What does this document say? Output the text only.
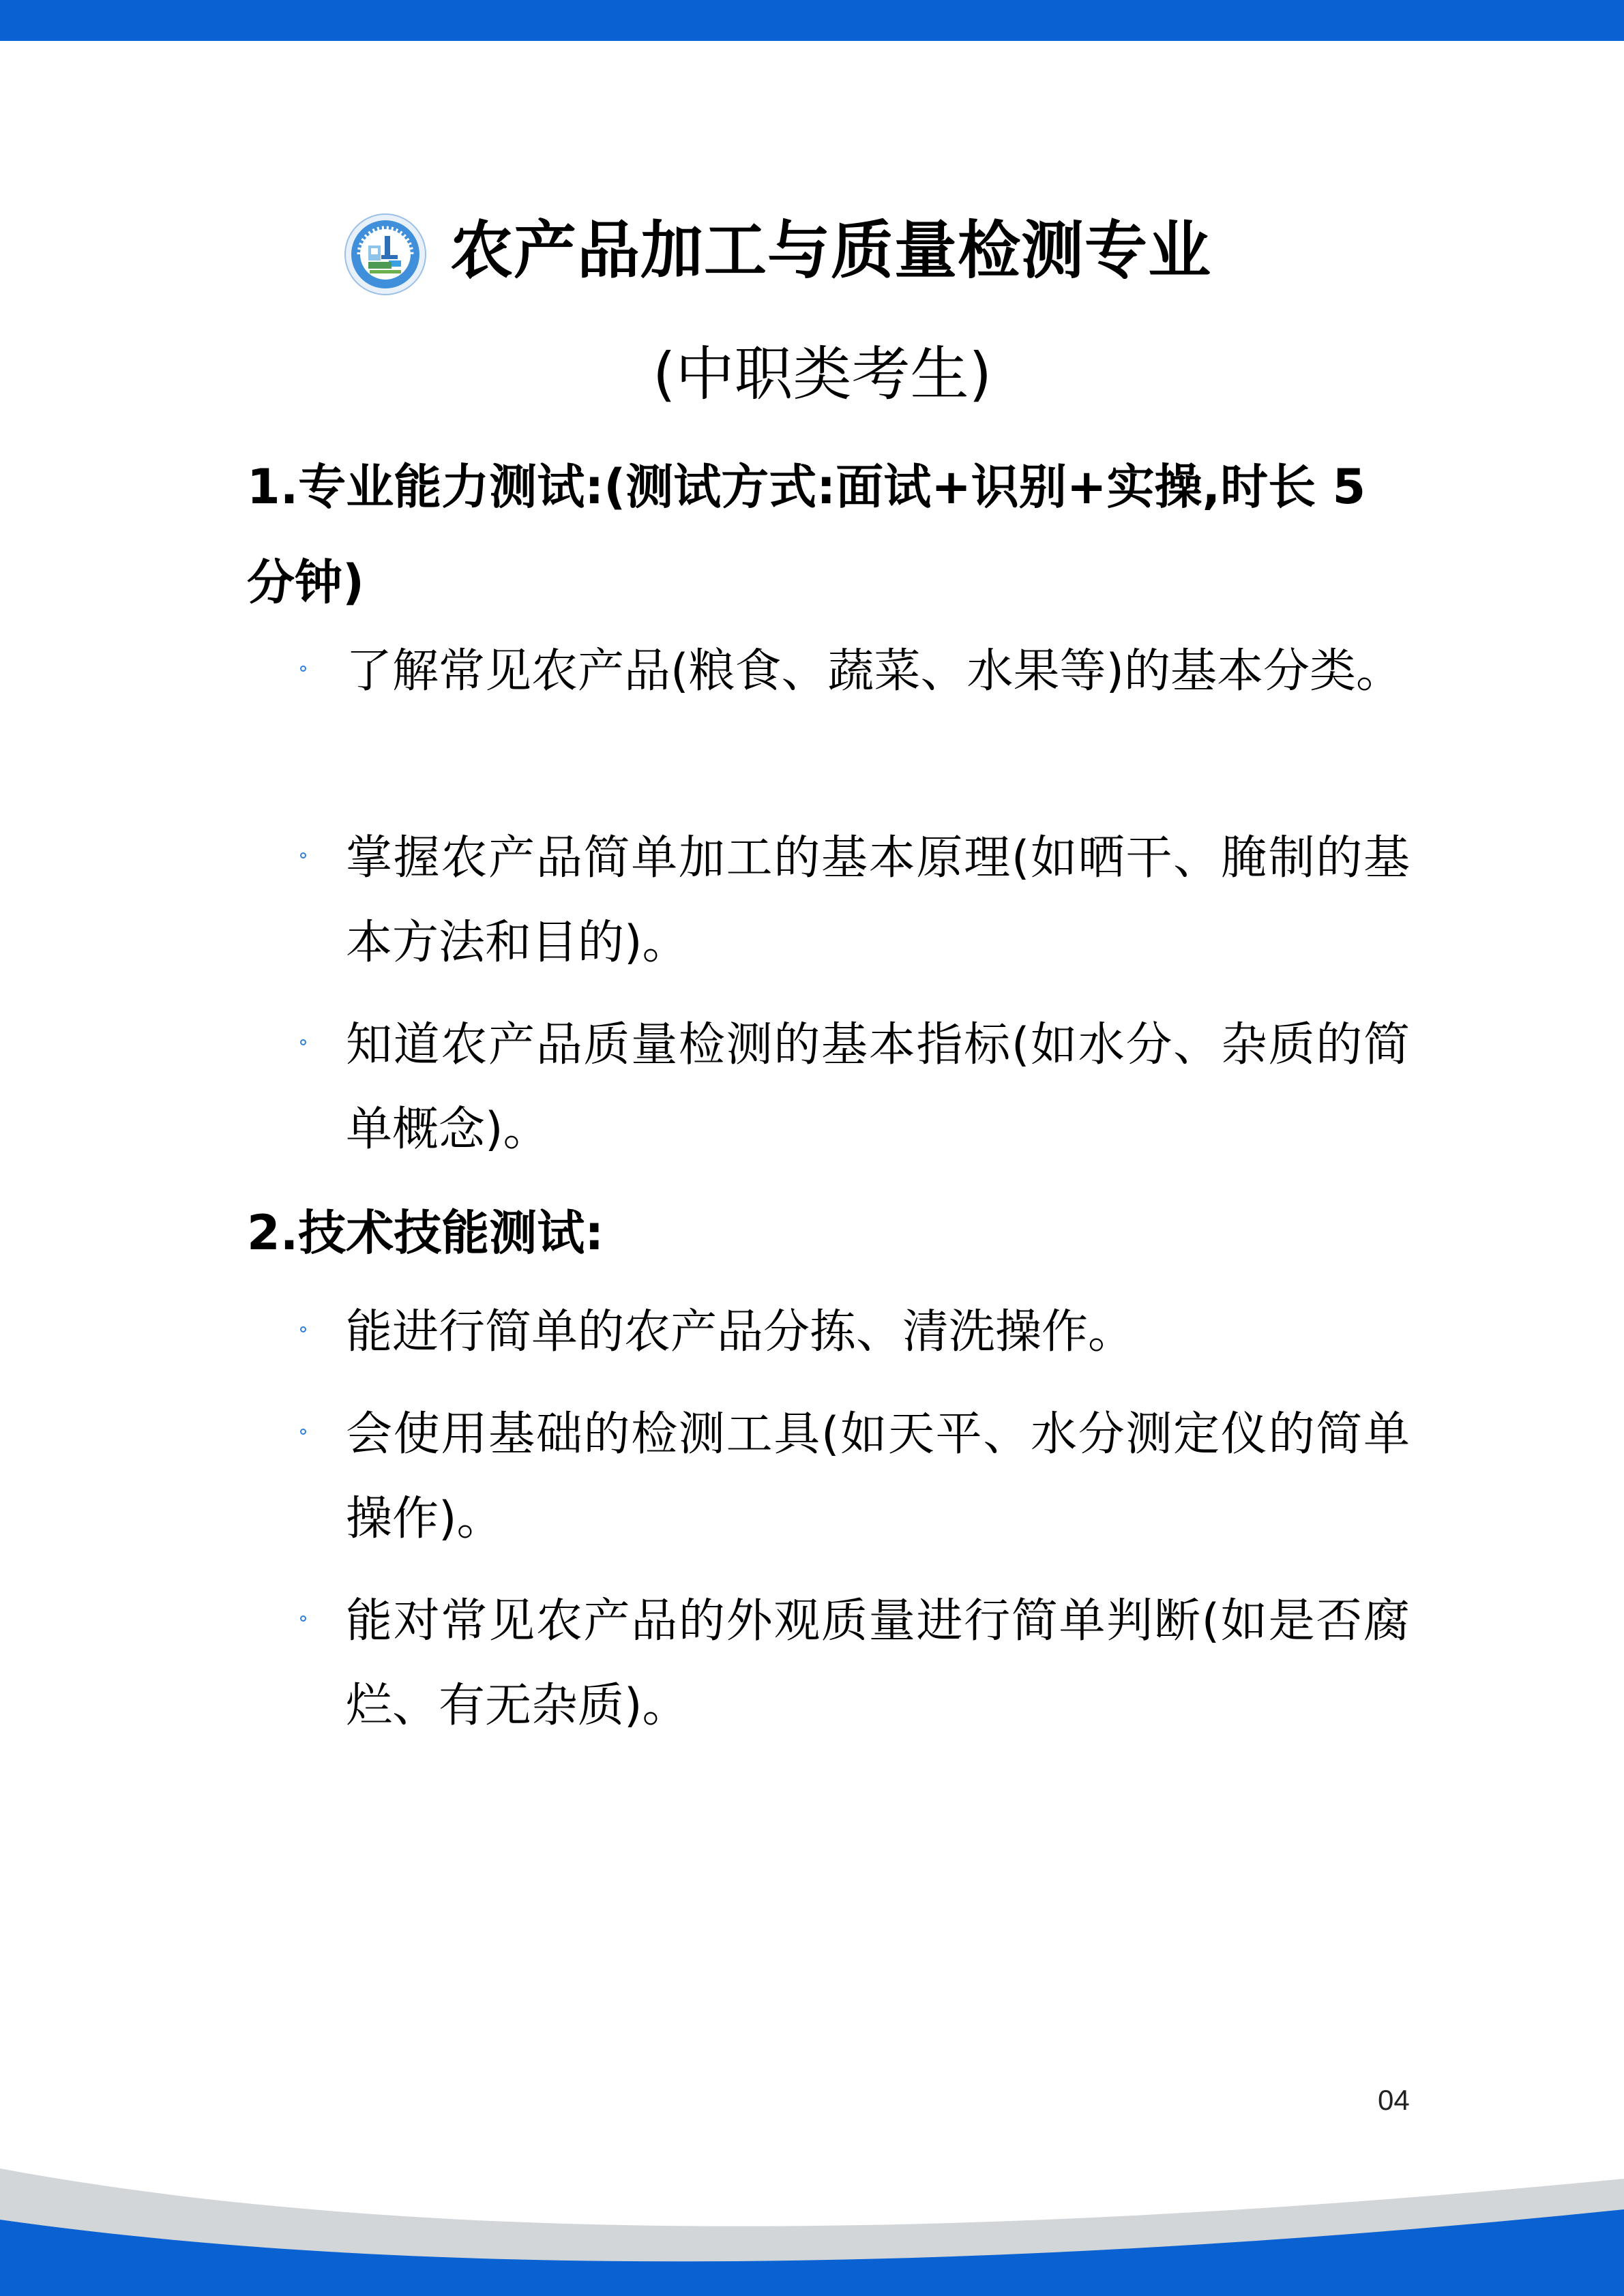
农产品加工与质量检测专业
(中职类考生)
1.专业能力测试:(测试方式:面试+识别+实操,时长 5 分钟)
了解常见农产品(粮食、蔬菜、水果等)的基本分类。
掌握农产品简单加工的基本原理(如晒干、腌制的基本方法和目的)。
知道农产品质量检测的基本指标(如水分、杂质的简单概念)。
2.技术技能测试:
能进行简单的农产品分拣、清洗操作。
会使用基础的检测工具(如天平、水分测定仪的简单操作)。
能对常见农产品的外观质量进行简单判断(如是否腐烂、有无杂质)。
04
